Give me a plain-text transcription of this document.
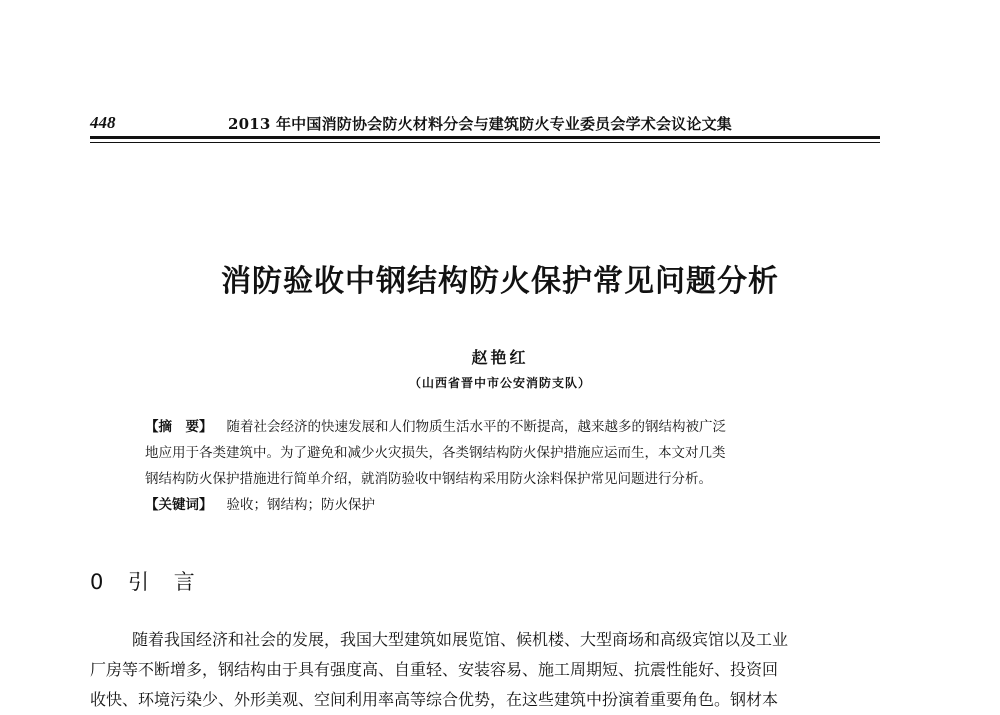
448	2013 年中国消防协会防火材料分会与建筑防火专业委员会学术会议论文集
消防验收中钢结构防火保护常见问题分析
赵艳红
（山西省晋中市公安消防支队）
【摘　要】 随着社会经济的快速发展和人们物质生活水平的不断提高，越来越多的钢结构被广泛
地应用于各类建筑中。为了避免和减少火灾损失，各类钢结构防火保护措施应运而生，本文对几类
钢结构防火保护措施进行简单介绍，就消防验收中钢结构采用防火涂料保护常见问题进行分析。
【关键词】 验收；钢结构；防火保护
0 引 言
随着我国经济和社会的发展，我国大型建筑如展览馆、候机楼、大型商场和高级宾馆以及工业
厂房等不断增多，钢结构由于具有强度高、自重轻、安装容易、施工周期短、抗震性能好、投资回
收快、环境污染少、外形美观、空间利用率高等综合优势，在这些建筑中扮演着重要角色。钢材本
